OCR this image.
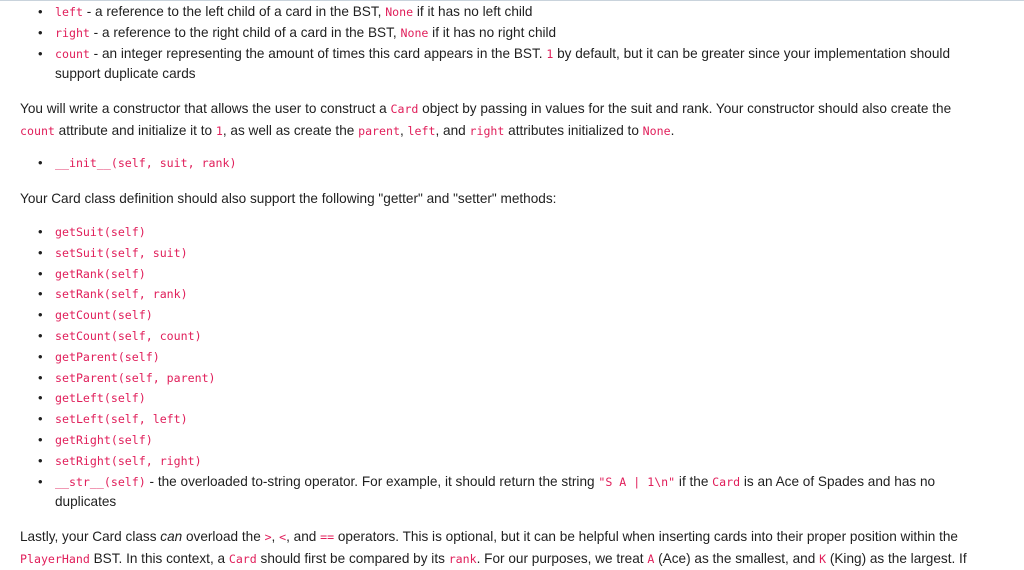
• left - a reference to the left child of a card in the BST, None if it has no left child
• right - a reference to the right child of a card in the BST, None if it has no right child
• count - an integer representing the amount of times this card appears in the BST. 1 by default, but it can be greater since your implementation should
support duplicate cards

You will write a constructor that allows the user to construct a Card object by passing in values for the suit and rank. Your constructor should also create the
count attribute and initialize it to 1, as well as create the parent, left, and right attributes initialized to None.

• __init__(self, suit, rank)

Your Card class definition should also support the following "getter" and "setter" methods:

• getSuit(self)
• setSuit(self, suit)
• getRank(self)
• setRank(self, rank)
• getCount(self)
• setCount(self, count)
• getParent(self)
• setParent(self, parent)
• getLeft(self)
• setLeft(self, left)
• getRight(self)
• setRight(self, right)
• __str__(self) - the overloaded to-string operator. For example, it should return the string "S A | 1\n" if the Card is an Ace of Spades and has no
duplicates

Lastly, your Card class can overload the >, <, and == operators. This is optional, but it can be helpful when inserting cards into their proper position within the
PlayerHand BST. In this context, a Card should first be compared by its rank. For our purposes, we treat A (Ace) as the smallest, and K (King) as the largest. If
